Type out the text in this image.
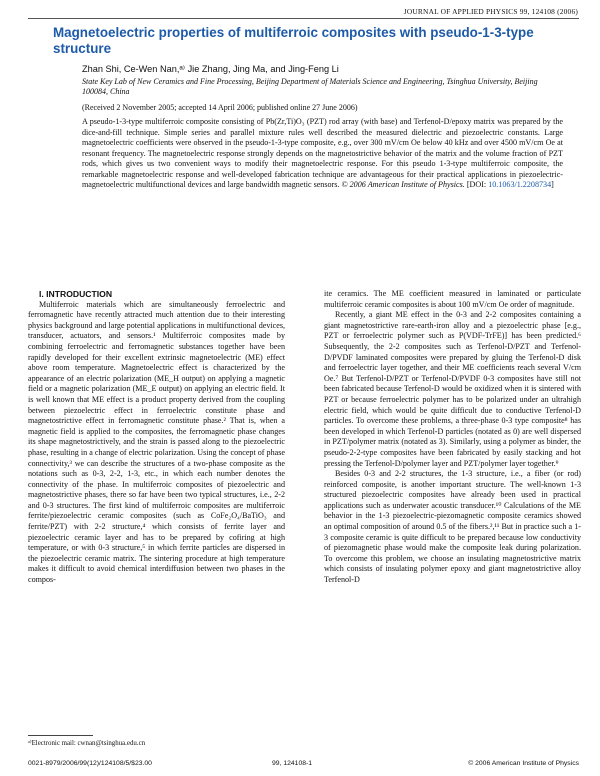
JOURNAL OF APPLIED PHYSICS 99, 124108 (2006)
Magnetoelectric properties of multiferroic composites with pseudo-1-3-type structure
Zhan Shi, Ce-Wen Nan,ᵃ⁾ Jie Zhang, Jing Ma, and Jing-Feng Li
State Key Lab of New Ceramics and Fine Processing, Beijing Department of Materials Science and Engineering, Tsinghua University, Beijing 100084, China
(Received 2 November 2005; accepted 14 April 2006; published online 27 June 2006)

A pseudo-1-3-type multiferroic composite consisting of Pb(Zr,Ti)O₃ (PZT) rod array (with base) and Terfenol-D/epoxy matrix was prepared by the dice-and-fill technique. Simple series and parallel mixture rules well described the measured dielectric and piezoelectric constants. Large magnetoelectric coefficients were observed in the pseudo-1-3-type composite, e.g., over 300 mV/cm Oe below 40 kHz and over 4500 mV/cm Oe at resonant frequency. The magnetoelectric response strongly depends on the magnetostrictive behavior of the matrix and the volume fraction of PZT rods, which gives us two convenient ways to modify their magnetoelectric response. For this pseudo 1-3-type multiferroic composite, the remarkable magnetoelectric response and well-developed fabrication technique are advantageous for their practical applications in piezoelectric-magnetoelectric multifunctional devices and large bandwidth magnetic sensors. © 2006 American Institute of Physics. [DOI: 10.1063/1.2208734]

I. INTRODUCTION

Multiferroic materials which are simultaneously ferroelectric and ferromagnetic have recently attracted much attention due to their interesting physics background and large potential applications in multifunctional devices, transducer, actuators, and sensors.¹ Multiferroic composites made by combining ferroelectric and ferromagnetic substances together have been rapidly developed for their excellent extrinsic magnetoelectric (ME) effect above room temperature. Magnetoelectric effect is characterized by the appearance of an electric polarization (ME_H output) on applying a magnetic field or a magnetic polarization (ME_E output) on applying an electric field. It is well known that ME effect is a product property derived from the coupling between piezoelectric effect in ferroelectric constitute phase and magnetostrictive effect in ferromagnetic constitute phase.² That is, when a magnetic field is applied to the composites, the ferromagnetic phase changes its shape magnetostrictively, and the strain is passed along to the piezoelectric phase, resulting in a change of electric polarization. Using the concept of phase connectivity,³ we can describe the structures of a two-phase composite as the notations such as 0-3, 2-2, 1-3, etc., in which each number denotes the connectivity of the phase. In multiferroic composites of piezoelectric and magnetostrictive phases, there so far have been two typical structures, i.e., 2-2 and 0-3 structures. The first kind of multiferroic composites are multiferroic ferrite/piezoelectric ceramic composites (such as CoFe₂O₄/BaTiO₃ and ferrite/PZT) with 2-2 structure,⁴ which consists of ferrite layer and piezoelectric ceramic layer and has to be prepared by cofiring at high temperature, or with 0-3 structure,⁵ in which ferrite particles are dispersed in the piezoelectric ceramic matrix. The sintering procedure at high temperature makes it difficult to avoid chemical interdiffusion between two phases in the compos-

ite ceramics. The ME coefficient measured in laminated or particulate multiferroic ceramic composites is about 100 mV/cm Oe order of magnitude.

Recently, a giant ME effect in the 0-3 and 2-2 composites containing a giant magnetostrictive rare-earth-iron alloy and a piezoelectric phase [e.g., PZT or ferroelectric polymer such as P(VDF-TrFE)] has been predicted.⁶ Subsequently, the 2-2 composites such as Terfenol-D/PZT and Terfenol-D/PVDF laminated composites were prepared by gluing the Terfenol-D disk and ferroelectric layer together, and their ME coefficients reach several V/cm Oe.⁷ But Terfenol-D/PZT or Terfenol-D/PVDF 0-3 composites have still not been fabricated because Terfenol-D would be oxidized when it is sintered with PZT or because ferroelectric polymer has to be polarized under an ultrahigh electric field, which would be quite difficult due to conductive Terfenol-D particles. To overcome these problems, a three-phase 0-3 type composite⁸ has been developed in which Terfenol-D particles (notated as 0) are well dispersed in PZT/polymer matrix (notated as 3). Similarly, using a polymer as binder, the pseudo-2-2-type composites have been fabricated by easily stacking and hot pressing the Terfenol-D/polymer layer and PZT/polymer layer together.⁹

Besides 0-3 and 2-2 structures, the 1-3 structure, i.e., a fiber (or rod) reinforced composite, is another important structure. The well-known 1-3 structured piezoelectric composites have already been used in practical applications such as underwater acoustic transducer.¹⁰ Calculations of the ME behavior in the 1-3 piezoelectric-piezomagnetic composite ceramics showed an optimal composition of around 0.5 of the fibers.²,¹¹ But in practice such a 1-3 composite ceramic is quite difficult to be prepared because low conductivity of piezomagnetic phase would make the composite leak during polarization. To overcome this problem, we choose an insulating magnetostrictive matrix which consists of insulating polymer epoxy and giant magnetostrictive alloy Terfenol-D

ᵃ⁾Electronic mail: cwnan@tsinghua.edu.cn
0021-8979/2006/99(12)/124108/5/$23.00	99, 124108-1	© 2006 American Institute of Physics
